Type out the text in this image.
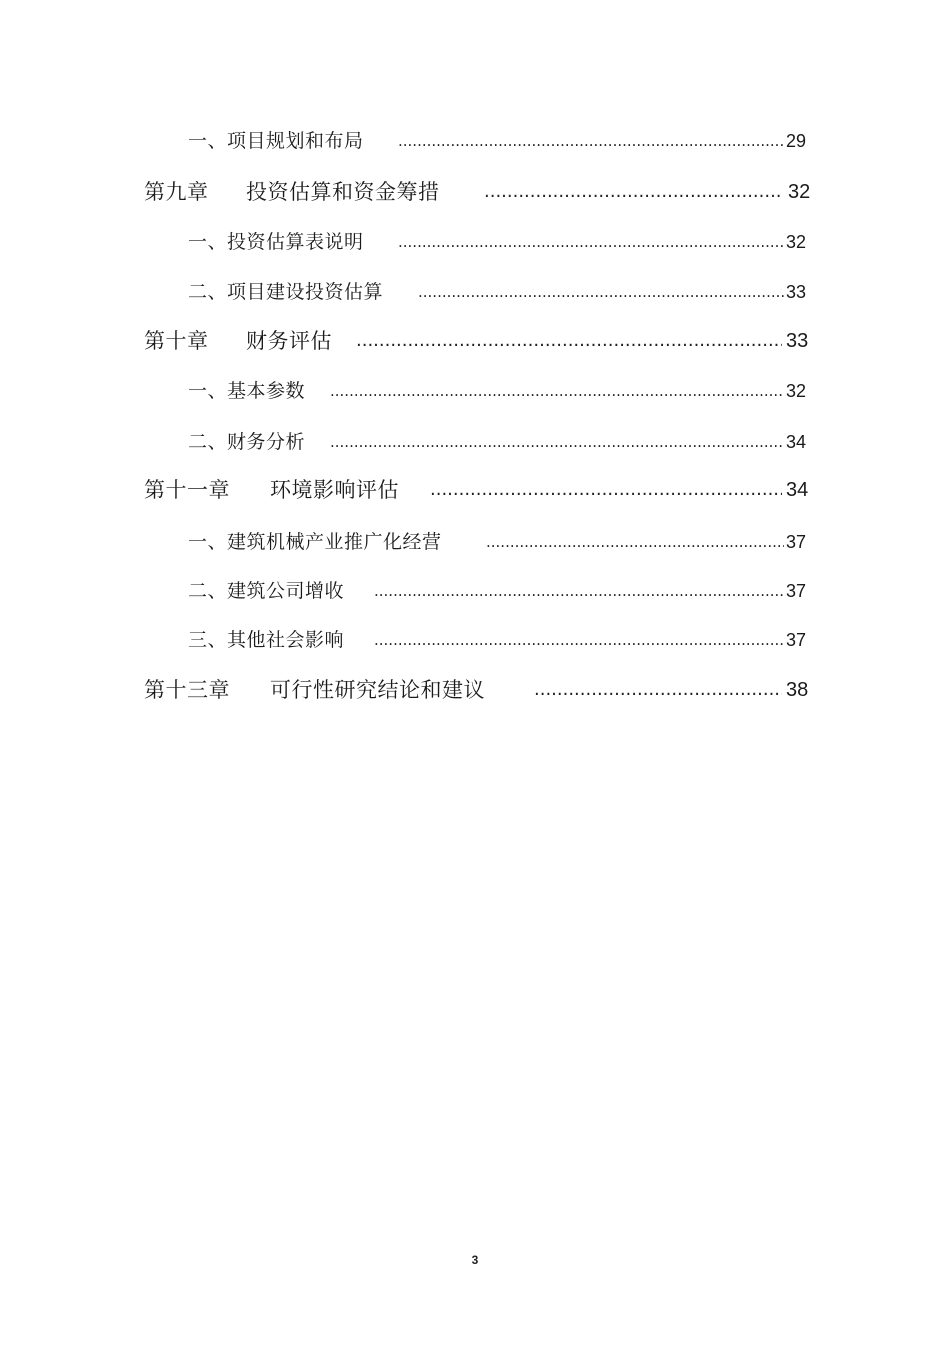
一、项目规划和布局 .....	29
第九章 投资估算和资金筹措 .....	32
一、投资估算表说明 .....	32
二、项目建设投资估算 .....	33
第十章 财务评估 .....	33
一、基本参数 .....	32
二、财务分析 .....	34
第十一章 环境影响评估 .....	34
一、建筑机械产业推广化经营 .....	37
二、建筑公司增收 .....	37
三、其他社会影响 .....	37
第十三章 可行性研究结论和建议 .....	38
3
